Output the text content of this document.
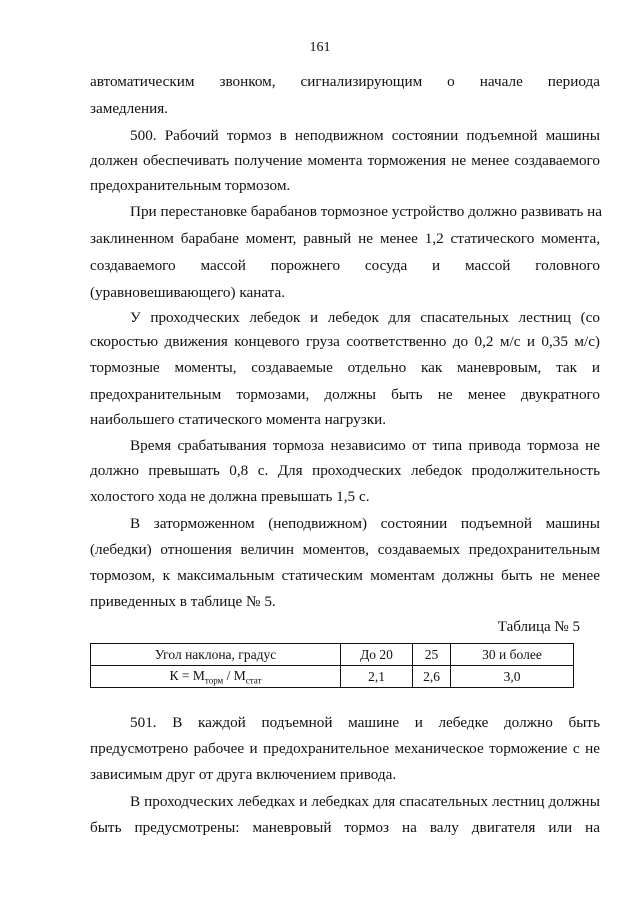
161
автоматическим звонком, сигнализирующим о начале периода
замедления.
500. Рабочий тормоз в неподвижном состоянии подъемной машины
должен обеспечивать получение момента торможения не менее создаваемого
предохранительным тормозом.
При перестановке барабанов тормозное устройство должно развивать на
заклиненном барабане момент, равный не менее 1,2 статического момента,
создаваемого массой порожнего сосуда и массой головного
(уравновешивающего) каната.
У проходческих лебедок и лебедок для спасательных лестниц (со
скоростью движения концевого груза соответственно до 0,2 м/с и 0,35 м/с)
тормозные моменты, создаваемые отдельно как маневровым, так и
предохранительным тормозами, должны быть не менее двукратного
наибольшего статического момента нагрузки.
Время срабатывания тормоза независимо от типа привода тормоза не
должно превышать 0,8 с. Для проходческих лебедок продолжительность
холостого хода не должна превышать 1,5 с.
В заторможенном (неподвижном) состоянии подъемной машины
(лебедки) отношения величин моментов, создаваемых предохранительным
тормозом, к максимальным статическим моментам должны быть не менее
приведенных в таблице № 5.
Таблица № 5
Угол наклона, градус	До 20	25	30 и более
$К = M_{торм} / M_{стат}$	2,1	2,6	3,0
501. В каждой подъемной машине и лебедке должно быть
предусмотрено рабочее и предохранительное механическое торможение с не
зависимым друг от друга включением привода.
В проходческих лебедках и лебедках для спасательных лестниц должны
быть предусмотрены: маневровый тормоз на валу двигателя или на
